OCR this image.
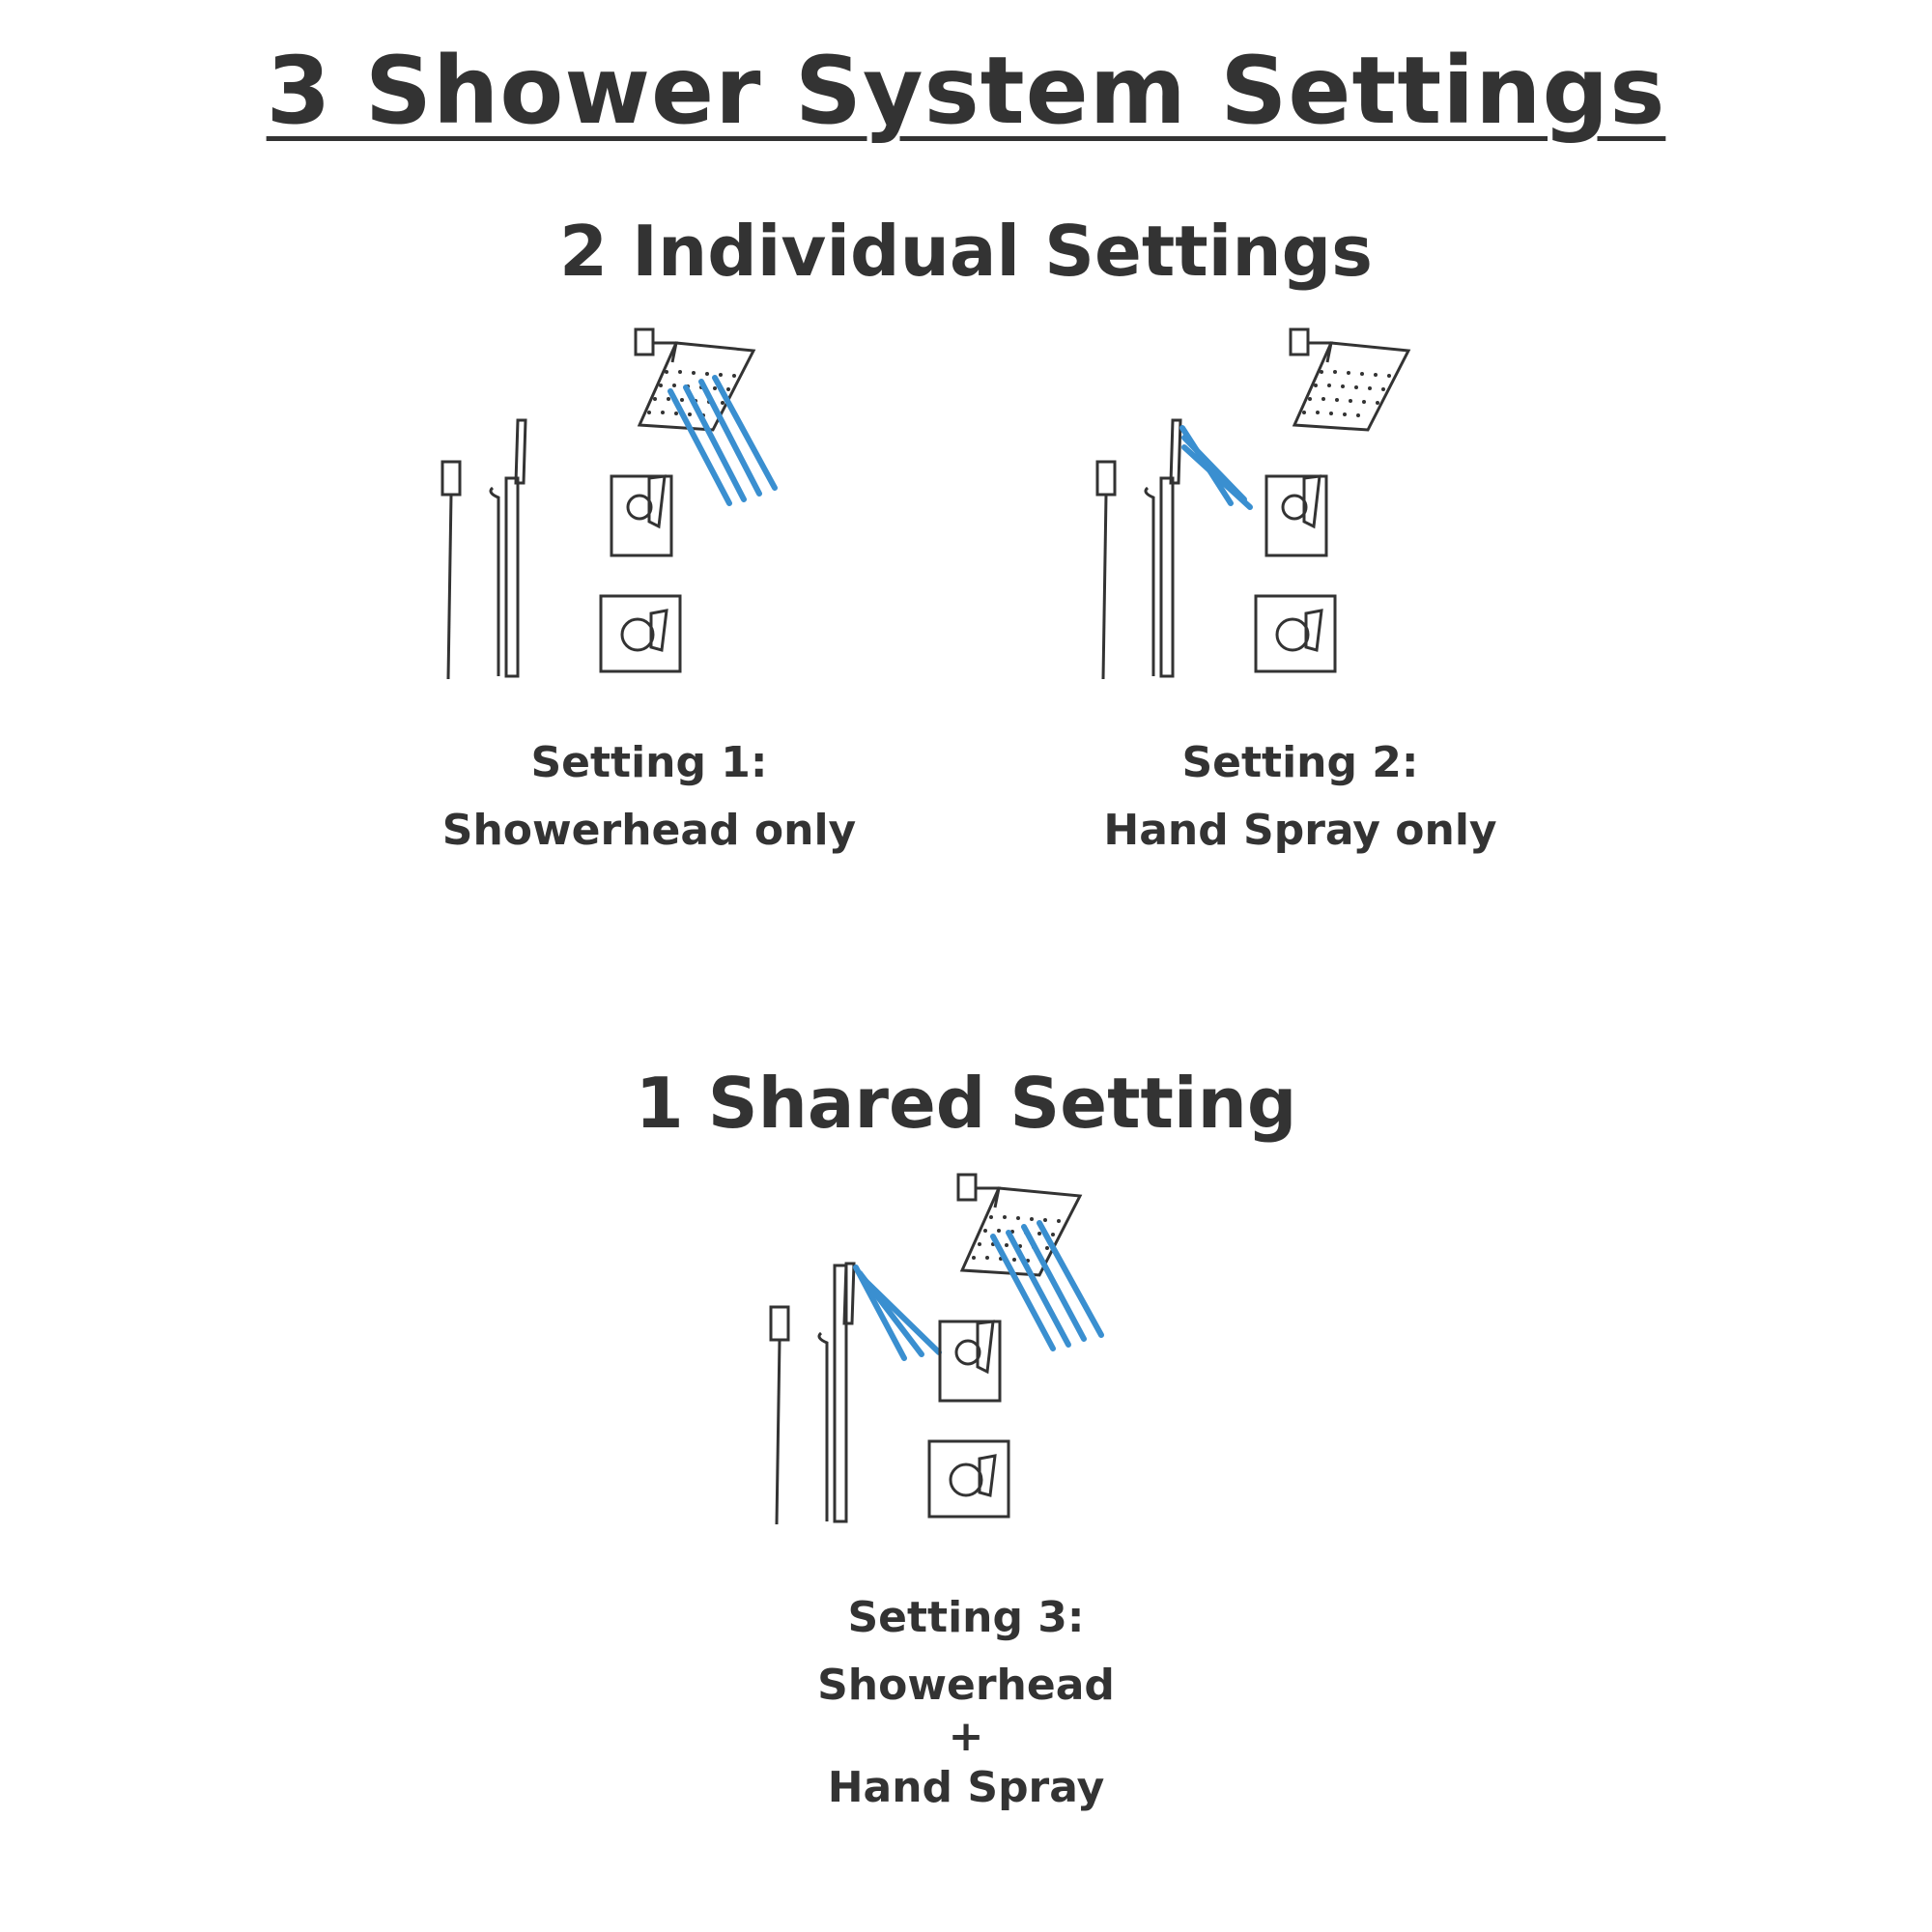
3 Shower System Settings
2 Individual Settings
Setting 1:
Showerhead only
Setting 2:
Hand Spray only
1 Shared Setting
Setting 3:
Showerhead
+
Hand Spray
